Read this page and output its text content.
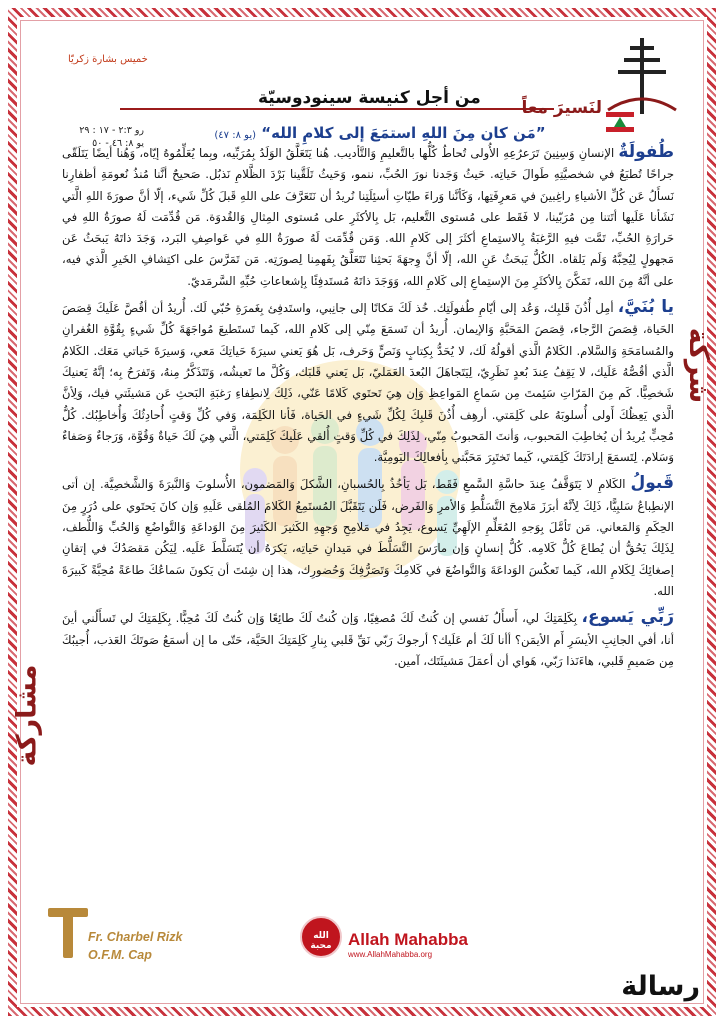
لنَسيرَ معاً
من أجل كنيسة سينودوسيّة
خميس بشارة زكريّا
رو ٢:٣ - ١٧ : ٢٩
يو ٨: ٤٦ - ٥٠
”مَن كان مِنَ اللهِ استمَعَ إلى كلامِ الله“ (يو ٨: ٤٧)
شركة
مشاركة
رسالة

طُفولَةٌ الإنسانِ وَسِنِينَ تَرَعرُعِهِ الأُولى تُحاطُ كُلُّها بالتَّعليمِ وَالتَّأديب. هُنا يَتَعَلَّقُ الوَلَدُ بِمُرَبِّيه، وبِما يُعَلِّمُوهُ إيّاه، وَهُنا أيضًا يَتَلَقّى جراحًا تُطبَعُ في شخصيَّتِهِ طَوالَ حَياتِه. حَيثُ وَجَدنا نورَ الحُبِّ، ننمو، وَحَيثُ تَلَقَّينا بَرْدَ الظَّلامِ نَذبُل. صَحيحٌ أنَّنا مُنذُ نُعومَةِ أظفارِنا نَسأَلُ عَن كُلِّ الأشياءِ راغِبينَ في مَعرِفَتِها، وَكَأنَّنا وَراءَ طيّاتِ أسئِلَتِنا نُريدُ أن نَتَعَرَّفَ على اللهِ قَبلَ كُلِّ شَيء، إلّا أنَّ صورَةَ اللهِ الَّتي نَشَأنا عَلَيها أتَتنا مِن مُرَبّينا، لا فَقَط على مُستوى التَّعليم، بَل بِالأكثَرِ على مُستوى المِثالِ وَالقُدوَة. مَن قُدِّمَت لَهُ صورَةُ اللهِ في حَرارَةِ الحُبِّ، تَمَّت فيهِ الرَّغبَةُ بِالاستِماعِ أكثَرَ إلى كَلامِ الله. وَمَن قُدِّمَت لَهُ صورَةُ اللهِ في عَواصِفِ البَرد، وَجَدَ ذاتَهُ يَبحَثُ عَن مَجهولٍ لِيُحِبَّهُ وَلَم يَلقاه. الكُلُّ يَبحَثُ عَنِ الله، إلّا أنَّ وِجهَةَ بَحثِنا تَتَعَلَّقُ بِفَهمِنا لِصورَتِه. مَن تَمَرَّسَ على اكتِشافِ الخَيرِ الَّذي فيه، على أنَّهُ مِنَ الله، تَمَكَّنَ بِالأكثَرِ مِنَ الإستِماعِ إلى كَلامِ الله، وَوَجَدَ ذاتَهُ مُستَدفِئًا بِإشعاعاتِ حُبِّهِ السَّرمَديّ.

يا بُنَيَّ، أمِل أُذُنَ قَلبِك، وَعُد إلى أيّامِ طُفولَتِك. خُذ لَكَ مَكانًا إلى جانِبي، واستَدفِئ بِغَمرَةِ حُبّي لَك. أُريدُ أن أقُصَّ عَلَيكَ قِصَصَ الحَياة، قِصَصَ الرَّجاء، قِصَصَ المَحَبَّةِ وَالإيمان. أُريدُ أن تَسمَعَ مِنّي إلى كَلامِ الله، كَيما تَستَطيعَ مُواجَهَةَ كُلِّ شَيءٍ بِقُوَّةِ الغُفرانِ والمُسامَحَةِ وَالسَّلام. الكَلامُ الَّذي أقولُهُ لَك، لا يُحَدُّ بِكِتابٍ وَنَصٍّ وَحَرف، بَل هُوَ يَعني سيرَةَ حَياتِكَ مَعي، وَسيرَةَ حَياتي مَعَك. الكَلامُ الَّذي أقُصُّهُ عَلَيك، لا يَقِفُ عِندَ بُعدٍ نَظَرِيّ، لِيَتَجاهَلَ البُعدَ العَمَليّ، بَل يَعني قَلبَك، وَكُلَّ ما تَعيشُه، وَتَتَذَكَّرُ مِنهُ، وَتَفرَحُ بِه؛ إنَّهُ يَعنيكَ شَخصِيًّا. كَم مِنَ المَرّاتِ سَئِمتَ مِن سَماعِ المَواعِظِ وَإن هِيَ تَحتَوي كَلامًا عَنّي، ذَلِكَ لِانطِفاءِ رَغبَةِ البَحثِ عَن مَشيئَتي فيك، وَلِأنَّ الَّذي يَعِظُكَ أَولى أُسلوبَهُ على كَلِمَتي. أرهِف أُذُنَ قَلبِكَ لِكُلِّ شَيءٍ في الحَياة، فَأنا الكَلِمَة، وَفي كُلِّ وَقتٍ أُحادِثُكَ وَأُخاطِبُك. كُلُّ مُحِبٍّ يُريدُ أن يُخاطِبَ المَحبوب، وَأنتَ المَحبوبُ مِنّي، لِذَلِكَ في كُلِّ وَقتٍ أُلقي عَلَيكَ كَلِمَتي، الَّتي هِيَ لَكَ حَياةٌ وَقُوَّة، وَرَجاءٌ وَصَفاءٌ وَسَلام. لِتَسمَعَ إرادَتَكَ كَلِمَتي، كَيما تَختَبِرَ مَحَبَّتي بِأفعالِكَ اليَومِيَّة.

قَبولُ الكَلامِ لا يَتَوَقَّفُ عِندَ حاسَّةِ السَّمعِ فَقَط، بَل يَأخُذُ بِالحُسبانِ، الشَّكلَ وَالمَضمون، الأُسلوبَ وَالنَّبرَةَ وَالشَّخصِيَّة. إن أتى الإنطِباعُ سَلبِيًّا، ذَلِكَ لِأنَّهُ أبرَزَ مَلامِحَ التَّسَلُّطِ وَالأمرِ وَالفَرض، فَلَن يَتَقَبَّلَ المُستَمِعُ الكَلامَ المُلقى عَلَيهِ وَإن كانَ يَحتَوي على دُرَرٍ مِنَ الحِكَمِ وَالمَعاني. مَن تَأمَّلَ بِوَجهِ المُعَلِّمِ الإلَهِيِّ يَسوع، يَجِدُ في مَلامِحِ وَجهِهِ الكَثيرَ الكَثيرَ مِنَ الوَداعَةِ وَالتَّواضُعِ وَالحُبِّ وَاللُّطف، لِذَلِكَ يَحُقُّ أن يُطاعَ كُلُّ كَلامِه. كُلُّ إنسانٍ وَإن مارَسَ التَّسَلُّطَ في مَيدانِ حَياتِه، يَكرَهُ أن يُتَسَلَّطَ عَلَيه. لِيَكُن مَقصَدُكَ في إتقانِ إصغائِكَ لِكَلامِ الله، كَيما تَعكُسَ الوَداعَةَ وَالتَّواضُعَ في كَلامِكَ وَتَصَرُّفِكَ وَحُضورِك، هذا إن شِئتَ أن يَكونَ سَماعُكَ طاعَةً مُحِبَّةً كَبيرَةَ الله.

رَبِّي يَسوع، بِكَلِمَتِكَ لي، أَسأَلُ نَفسي إن كُنتُ لَكَ مُصغِيًا، وَإن كُنتُ لَكَ طائِعًا وَإن كُنتُ لَكَ مُحِبًّا. بِكَلِمَتِكَ لي تَسأَلُني أينَ أنا، أفي الجانِبِ الأيسَرِ أَم الأيمَن؟ أأنا لَكَ أم عَلَيك؟ أرجوكَ رَبّي نَقِّ قَلبي بِنارِ كَلِمَتِكَ الحَيَّة، حَتّى ما إن أسمَعُ صَوتَكَ العَذب، أُجيبُكَ مِن صَميمِ قَلبي، هاءَنَذا رَبّي، هَواي أن أعمَلَ مَشيئَتَك، آمين.

Fr. Charbel Rizk
O.F.M. Cap
الله محبة Allah Mahabba
www.AllahMahabba.org
